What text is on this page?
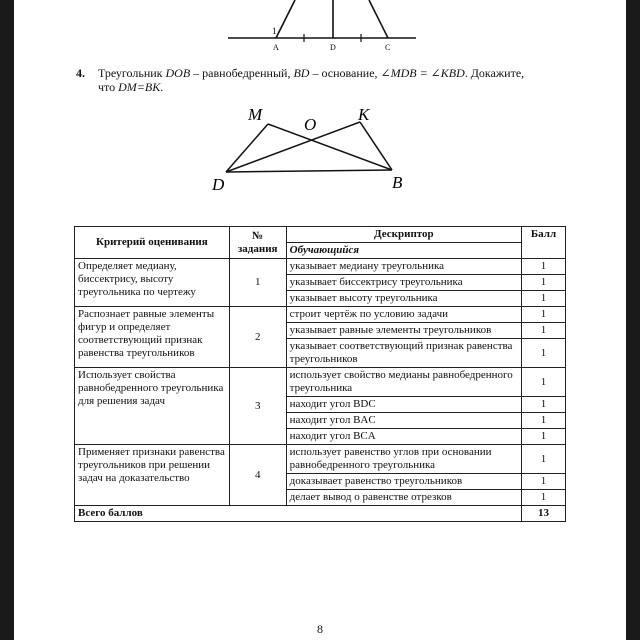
1
A	D	C
4. Треугольник DOB – равнобедренный, BD – основание, ∠MDB = ∠KBD. Докажите,
что DM=BK.
M
O
K
D	B
Критерий оценивания	№ задания	Дескриптор	Балл
		Обучающийся	
Определяет медиану, биссектрису, высоту треугольника по чертежу	1	указывает медиану треугольника	1
		указывает биссектрису треугольника	1
		указывает высоту треугольника	1
Распознает равные элементы фигур и определяет соответствующий признак равенства треугольников	2	строит чертёж по условию задачи	1
		указывает равные элементы треугольников	1
		указывает соответствующий признак равенства треугольников	1
Использует свойства равнобедренного треугольника для решения задач	3	использует свойство медианы равнобедренного треугольника	1
		находит угол BDC	1
		находит угол BAC	1
		находит угол BCA	1
Применяет признаки равенства треугольников при решении задач на доказательство	4	использует равенство углов при основании равнобедренного треугольника	1
		доказывает равенство треугольников	1
		делает вывод о равенстве отрезков	1
Всего баллов			13
8
